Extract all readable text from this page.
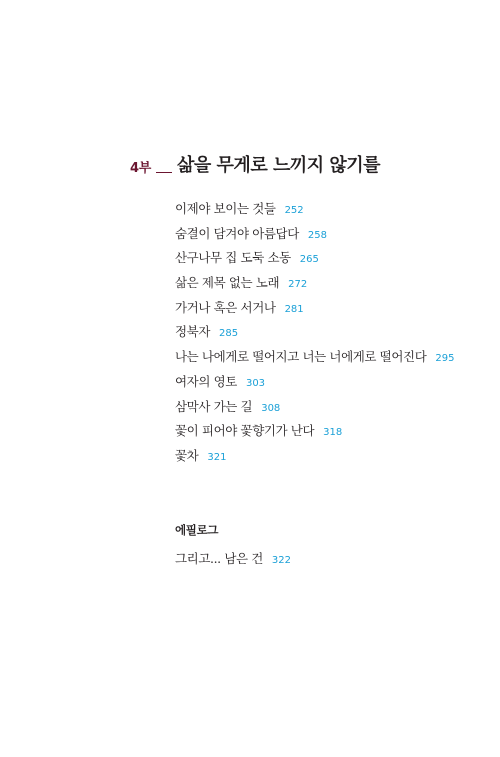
4부 삶을 무게로 느끼지 않기를
이제야 보이는 것들 252
숨결이 담겨야 아름답다 258
산구나무 집 도둑 소동 265
삶은 제목 없는 노래 272
가거나 혹은 서거나 281
정북자 285
나는 나에게로 떨어지고 너는 너에게로 떨어진다 295
여자의 영토 303
삼막사 가는 길 308
꽃이 피어야 꽃향기가 난다 318
꽃차 321
에필로그
그리고... 남은 건 322
